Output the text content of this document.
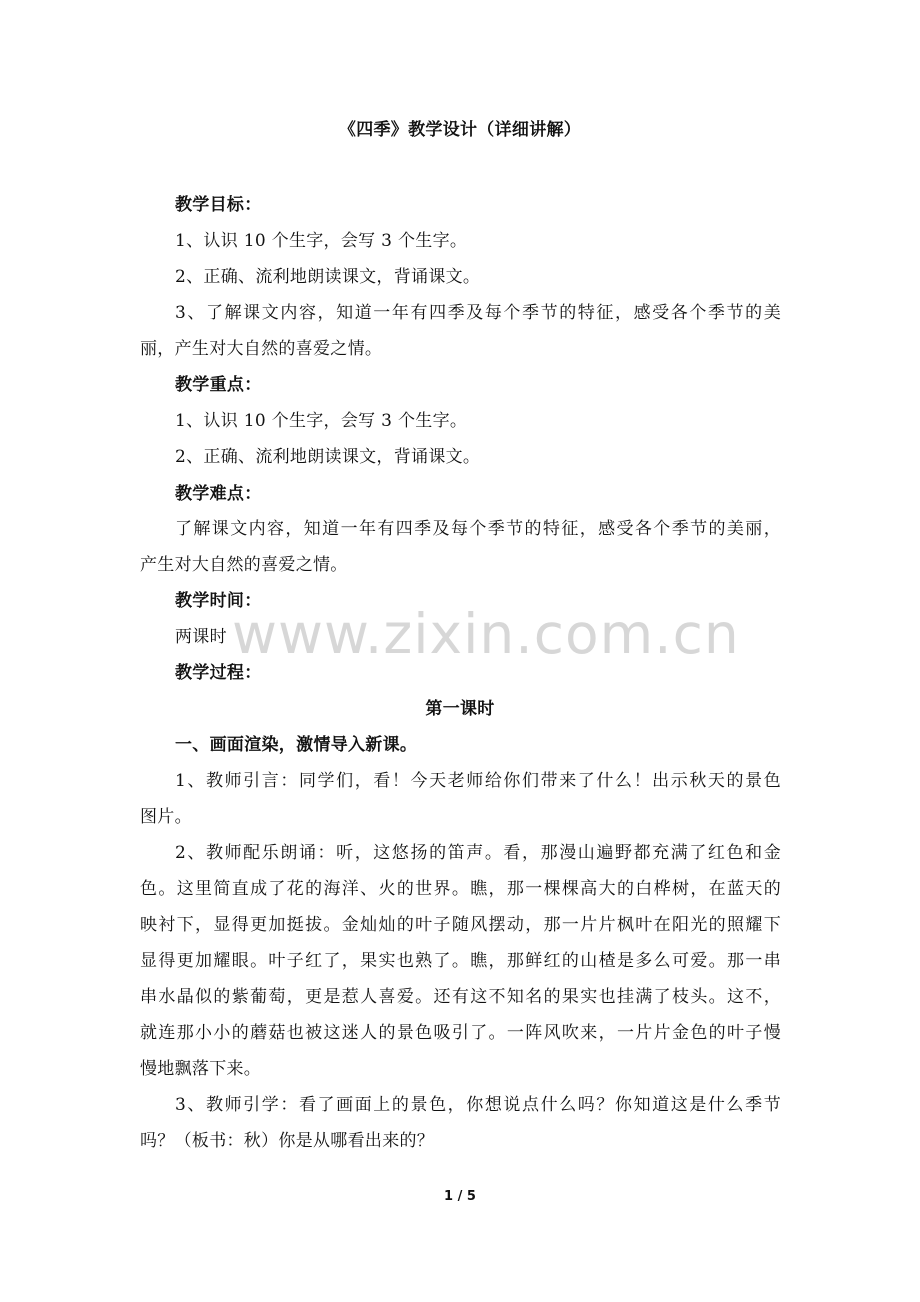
《四季》教学设计（详细讲解）
教学目标：
1、认识 10 个生字，会写 3 个生字。
2、正确、流利地朗读课文，背诵课文。
3、了解课文内容，知道一年有四季及每个季节的特征，感受各个季节的美
丽，产生对大自然的喜爱之情。
教学重点：
1、认识 10 个生字，会写 3 个生字。
2、正确、流利地朗读课文，背诵课文。
教学难点：
了解课文内容，知道一年有四季及每个季节的特征，感受各个季节的美丽，
产生对大自然的喜爱之情。
教学时间：
两课时
教学过程：
第一课时
一、画面渲染，激情导入新课。
1、教师引言：同学们，看！今天老师给你们带来了什么！出示秋天的景色
图片。
2、教师配乐朗诵：听，这悠扬的笛声。看，那漫山遍野都充满了红色和金
色。这里简直成了花的海洋、火的世界。瞧，那一棵棵高大的白桦树，在蓝天的
映衬下，显得更加挺拔。金灿灿的叶子随风摆动，那一片片枫叶在阳光的照耀下
显得更加耀眼。叶子红了，果实也熟了。瞧，那鲜红的山楂是多么可爱。那一串
串水晶似的紫葡萄，更是惹人喜爱。还有这不知名的果实也挂满了枝头。这不，
就连那小小的蘑菇也被这迷人的景色吸引了。一阵风吹来，一片片金色的叶子慢
慢地飘落下来。
3、教师引学：看了画面上的景色，你想说点什么吗？你知道这是什么季节
吗？（板书：秋）你是从哪看出来的？
www.zixin.com.cn
1 / 5
